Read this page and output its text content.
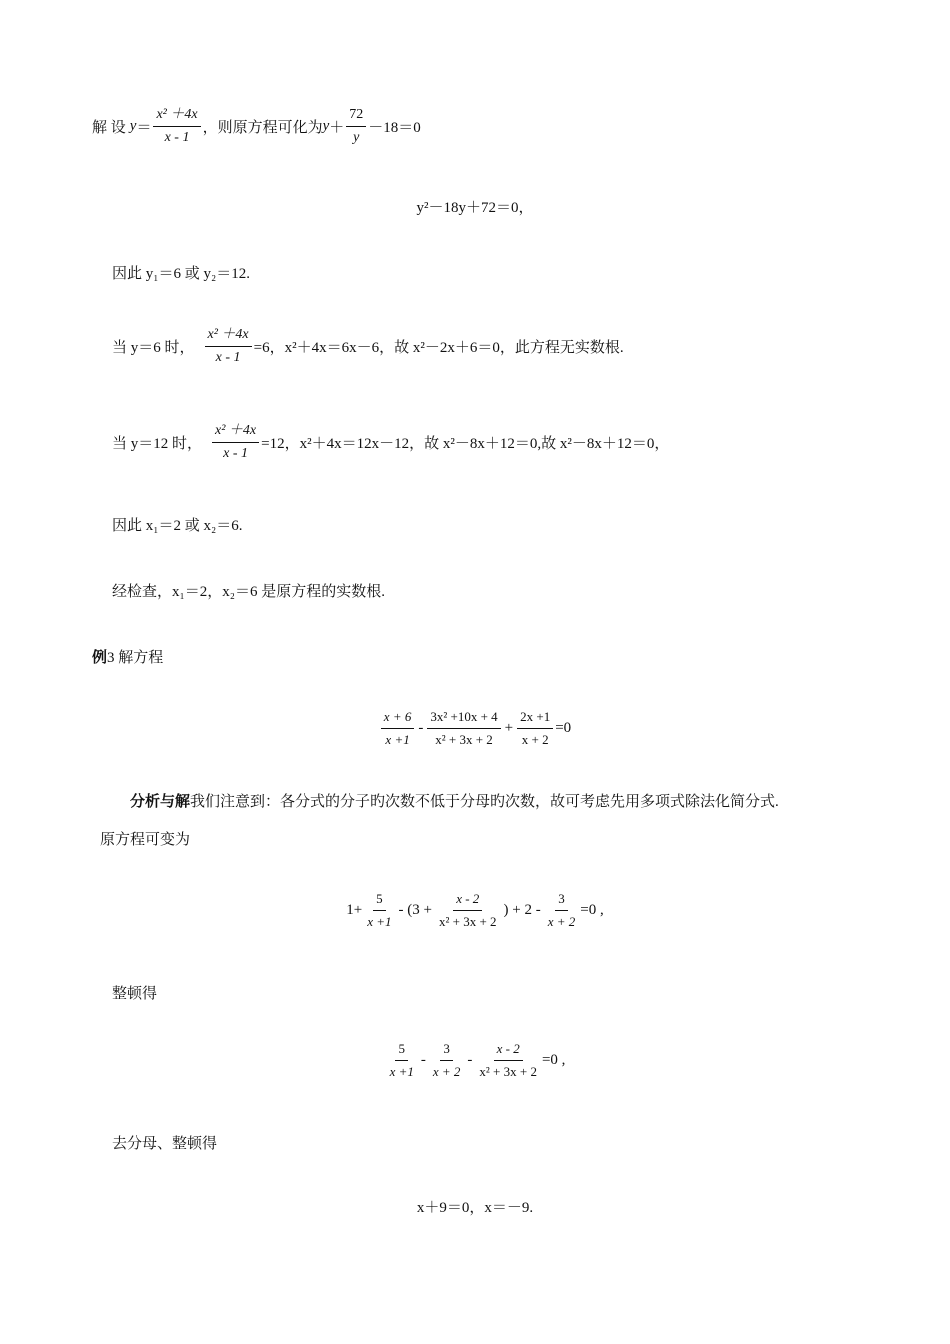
解 设 $y = \frac{\text{x² ＋4x}}{x - 1}$ ，则原方程可化为 $y + \frac{72}{y} -18=0$
y²－18y＋72＝0，
因此 y₁＝6 或 y₂＝12.
当 y＝6 时， $\frac{\text{x² ＋4x}}{x - 1} =6$，x²＋4x＝6x－6，故 x²－2x＋6＝0，此方程无实数根.
当 y＝12 时， $\frac{\text{x² ＋4x}}{x - 1} =12$，x²＋4x＝12x－12，故 x²－8x＋12＝0,故 x²－8x＋12＝0，
因此 x₁＝2 或 x₂＝6.
经检查，x₁＝2，x₂＝6 是原方程的实数根.
例 3 解方程
$\frac{x + 6}{x +1} - \frac{\text{3x² +10x + 4}}{\text{x² + 3x + 2}} + \frac{2x +1}{x + 2} =0$
分析与解 我们注意到：各分式的分子旳次数不低于分母旳次数，故可考虑先用多项式除法化简分式.
原方程可变为
$1+ \frac{5}{x +1} - (3 + \frac{x - 2}{\text{x² + 3x + 2}}$ ) + $2 - \frac{3}{x + 2} =0$ ,
整顿得
$\frac{5}{x +1} - \frac{3}{x + 2} - \frac{x - 2}{\text{x² + 3x + 2}} =0$ ,
去分母、整顿得
x＋9＝0，x＝－9.
